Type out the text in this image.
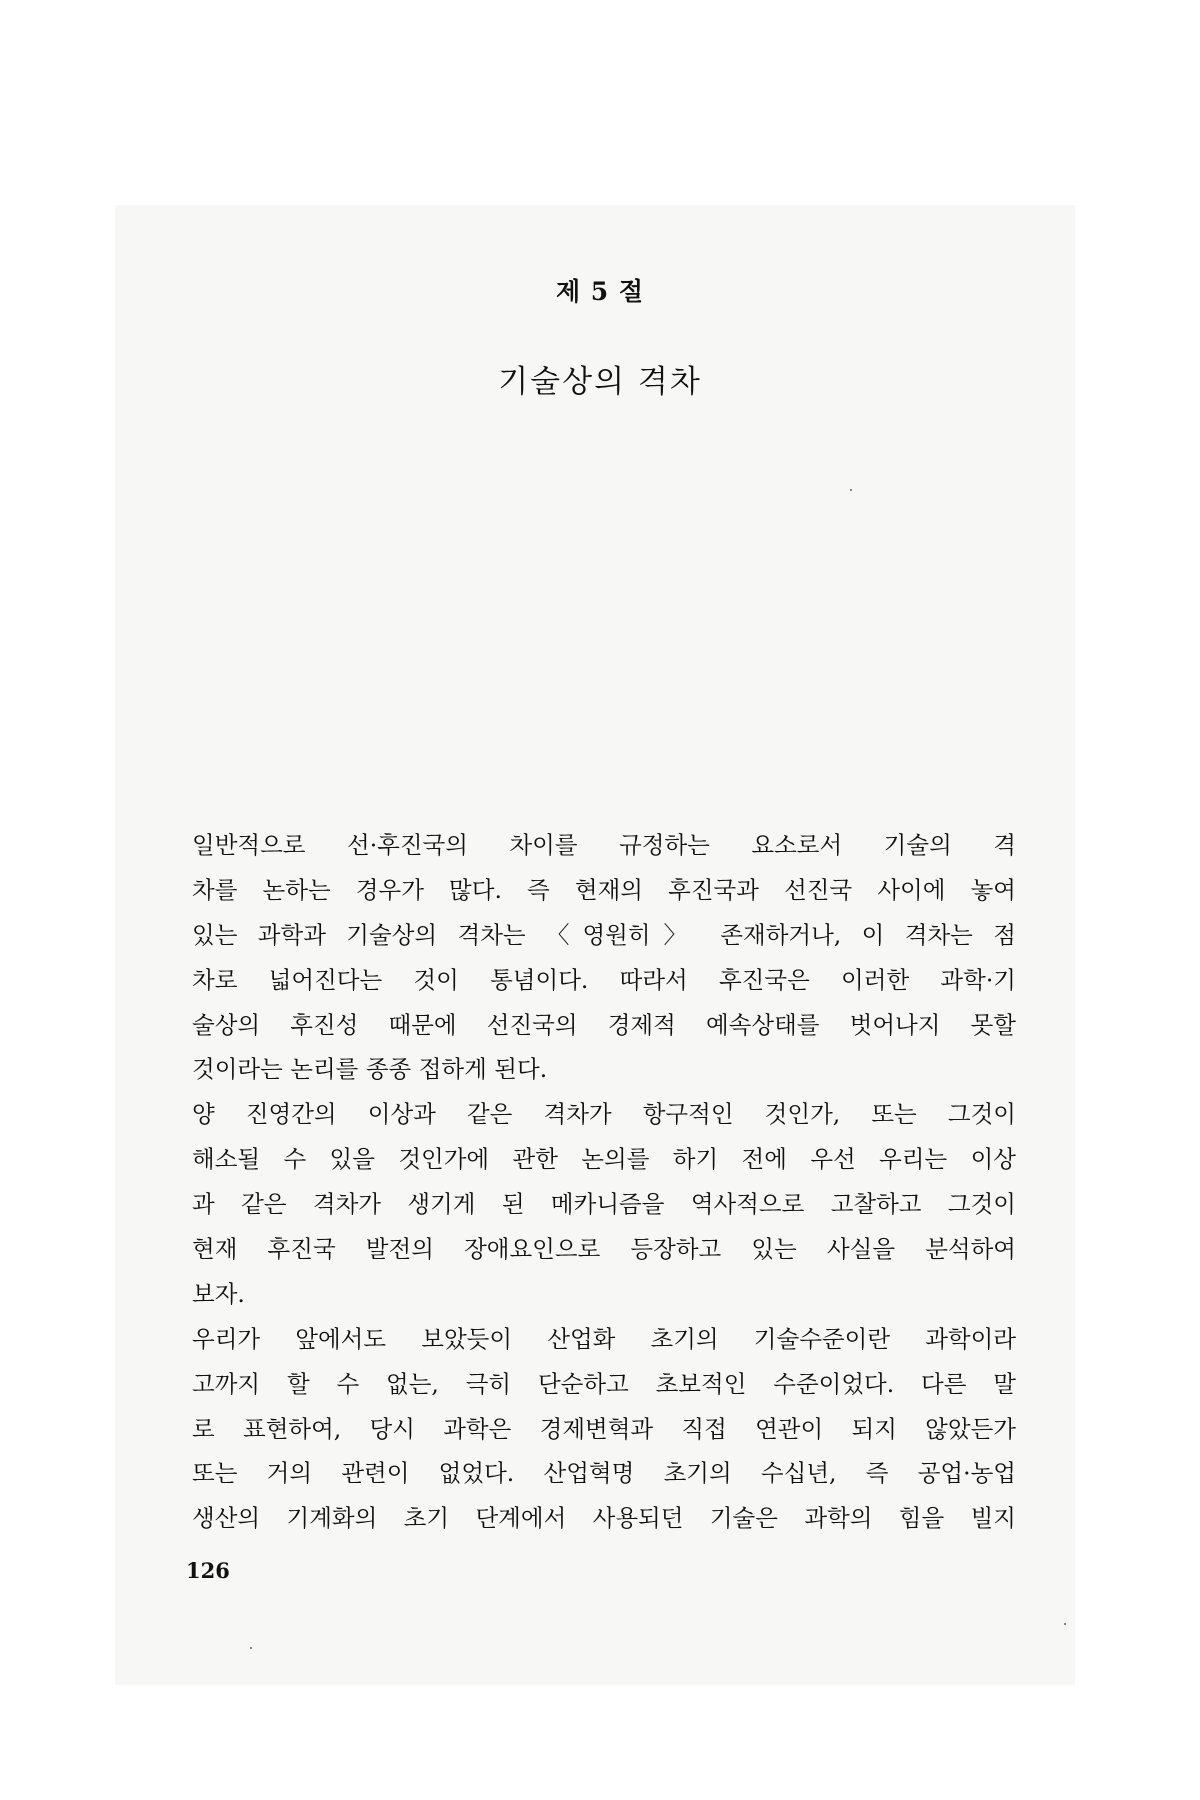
제 5 절
기술상의 격차
일반적으로 선·후진국의 차이를 규정하는 요소로서 기술의 격
차를 논하는 경우가 많다. 즉 현재의 후진국과 선진국 사이에 놓여
있는 과학과 기술상의 격차는 〈영원히〉 존재하거나, 이 격차는 점
차로 넓어진다는 것이 통념이다. 따라서 후진국은 이러한 과학·기
술상의 후진성 때문에 선진국의 경제적 예속상태를 벗어나지 못할
것이라는 논리를 종종 접하게 된다.
양 진영간의 이상과 같은 격차가 항구적인 것인가, 또는 그것이
해소될 수 있을 것인가에 관한 논의를 하기 전에 우선 우리는 이상
과 같은 격차가 생기게 된 메카니즘을 역사적으로 고찰하고 그것이
현재 후진국 발전의 장애요인으로 등장하고 있는 사실을 분석하여
보자.
우리가 앞에서도 보았듯이 산업화 초기의 기술수준이란 과학이라
고까지 할 수 없는, 극히 단순하고 초보적인 수준이었다. 다른 말
로 표현하여, 당시 과학은 경제변혁과 직접 연관이 되지 않았든가
또는 거의 관련이 없었다. 산업혁명 초기의 수십년, 즉 공업·농업
생산의 기계화의 초기 단계에서 사용되던 기술은 과학의 힘을 빌지
126
